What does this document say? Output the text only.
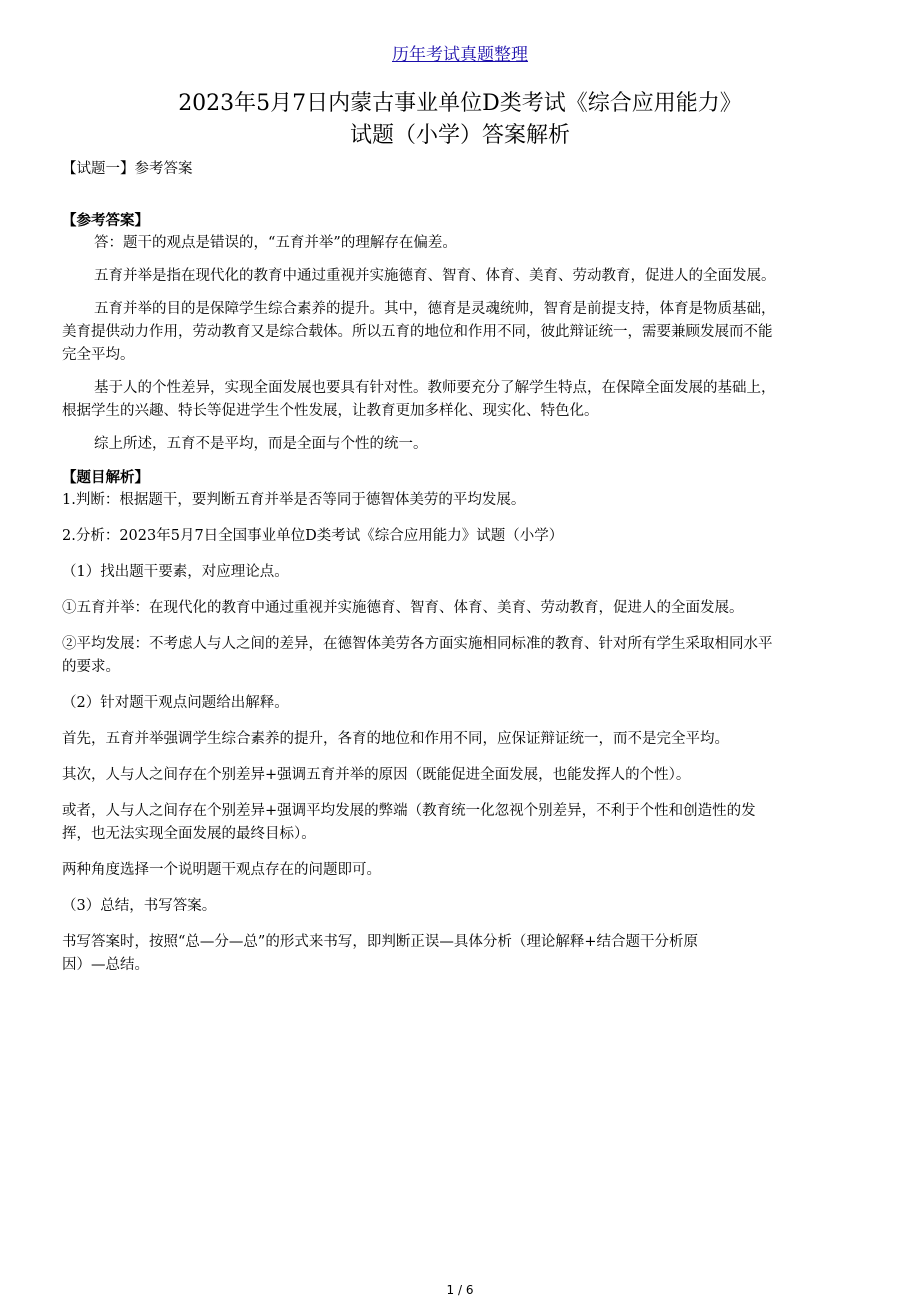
历年考试真题整理
2023年5月7日内蒙古事业单位D类考试《综合应用能力》
试题（小学）答案解析
【试题一】参考答案
【参考答案】
答：题干的观点是错误的，“五育并举”的理解存在偏差。
五育并举是指在现代化的教育中通过重视并实施德育、智育、体育、美育、劳动教育，促进人的全面发展。
五育并举的目的是保障学生综合素养的提升。其中，德育是灵魂统帅，智育是前提支持，体育是物质基础，
美育提供动力作用，劳动教育又是综合载体。所以五育的地位和作用不同，彼此辩证统一，需要兼顾发展而不能
完全平均。
基于人的个性差异，实现全面发展也要具有针对性。教师要充分了解学生特点，在保障全面发展的基础上，
根据学生的兴趣、特长等促进学生个性发展，让教育更加多样化、现实化、特色化。
综上所述，五育不是平均，而是全面与个性的统一。
【题目解析】
1.判断：根据题干，要判断五育并举是否等同于德智体美劳的平均发展。
2.分析：2023年5月7日全国事业单位D类考试《综合应用能力》试题（小学）
（1）找出题干要素，对应理论点。
①五育并举：在现代化的教育中通过重视并实施德育、智育、体育、美育、劳动教育，促进人的全面发展。
②平均发展：不考虑人与人之间的差异，在德智体美劳各方面实施相同标准的教育、针对所有学生采取相同水平
的要求。
（2）针对题干观点问题给出解释。
首先，五育并举强调学生综合素养的提升，各育的地位和作用不同，应保证辩证统一，而不是完全平均。
其次，人与人之间存在个别差异+强调五育并举的原因（既能促进全面发展，也能发挥人的个性）。
或者，人与人之间存在个别差异+强调平均发展的弊端（教育统一化忽视个别差异，不利于个性和创造性的发
挥，也无法实现全面发展的最终目标）。
两种角度选择一个说明题干观点存在的问题即可。
（3）总结，书写答案。
书写答案时，按照“总—分—总”的形式来书写，即判断正误—具体分析（理论解释+结合题干分析原
因）—总结。
1 / 6
